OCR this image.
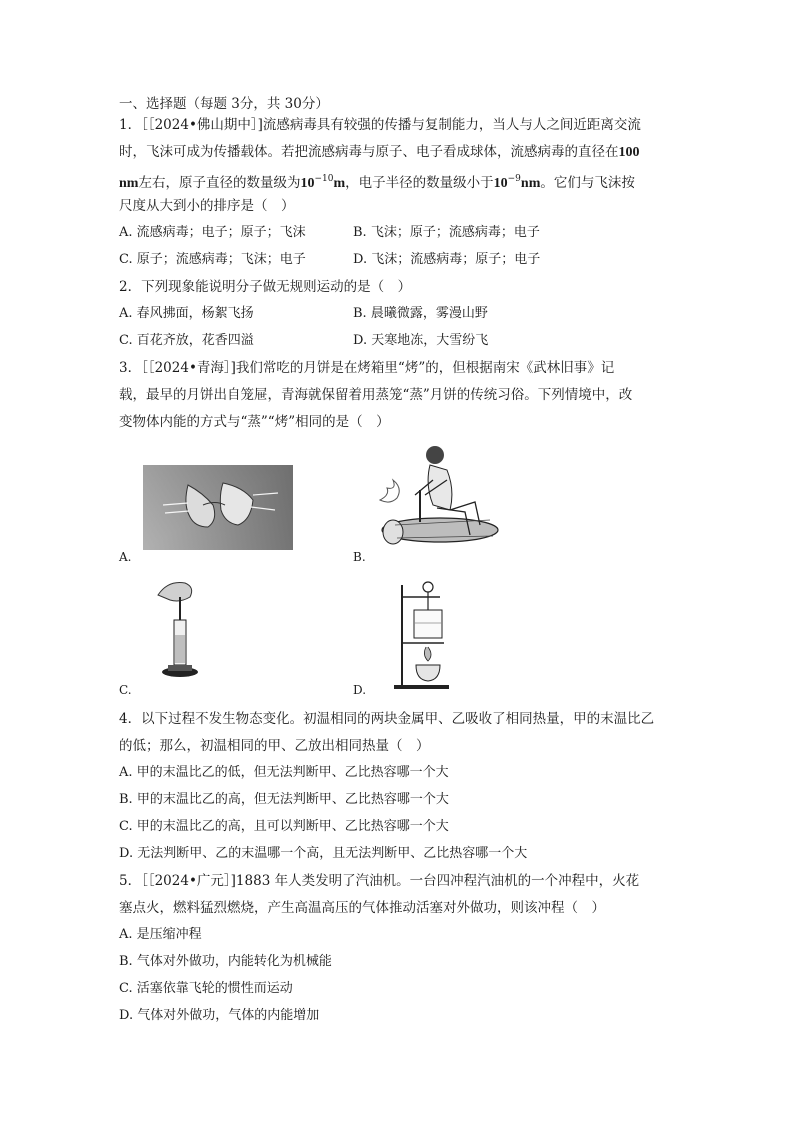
一、选择题（每题 3分，共 30分）
1．［［2024•佛山期中］]流感病毒具有较强的传播与复制能力，当人与人之间近距离交流
时，飞沫可成为传播载体。若把流感病毒与原子、电子看成球体，流感病毒的直径在100
nm左右，原子直径的数量级为$10^{-10}m$，电子半径的数量级小于$10^{-9}nm$。它们与飞沫按
尺度从大到小的排序是（　）
A. 流感病毒；电子；原子；飞沫	B. 飞沫；原子；流感病毒；电子
C. 原子；流感病毒；飞沫；电子	D. 飞沫；流感病毒；原子；电子
2．下列现象能说明分子做无规则运动的是（　）
A. 春风拂面，杨絮飞扬	B. 晨曦微露，雾漫山野
C. 百花齐放，花香四溢	D. 天寒地冻，大雪纷飞
3．［［2024•青海］]我们常吃的月饼是在烤箱里“烤”的，但根据南宋《武林旧事》记
载，最早的月饼出自笼屉，青海就保留着用蒸笼“蒸”月饼的传统习俗。下列情境中，改
变物体内能的方式与“蒸”“烤”相同的是（　）
A.	B.
C.	D.
4．以下过程不发生物态变化。初温相同的两块金属甲、乙吸收了相同热量，甲的末温比乙
的低；那么，初温相同的甲、乙放出相同热量（　）
A. 甲的末温比乙的低，但无法判断甲、乙比热容哪一个大
B. 甲的末温比乙的高，但无法判断甲、乙比热容哪一个大
C. 甲的末温比乙的高，且可以判断甲、乙比热容哪一个大
D. 无法判断甲、乙的末温哪一个高，且无法判断甲、乙比热容哪一个大
5．［［2024•广元］]1883 年人类发明了汽油机。一台四冲程汽油机的一个冲程中，火花
塞点火，燃料猛烈燃烧，产生高温高压的气体推动活塞对外做功，则该冲程（　）
A. 是压缩冲程
B. 气体对外做功，内能转化为机械能
C. 活塞依靠飞轮的惯性而运动
D. 气体对外做功，气体的内能增加
